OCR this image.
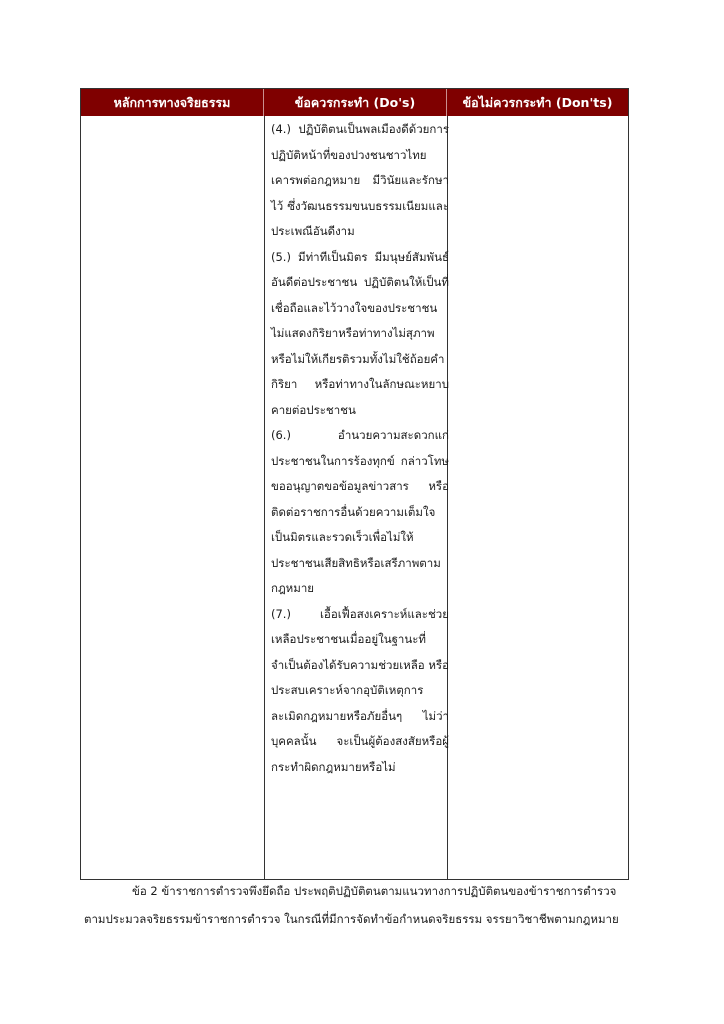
หลักการทางจริยธรรม	ข้อควรกระทำ (Do's)	ข้อไม่ควรกระทำ (Don'ts)
(4.) ปฏิบัติตนเป็นพลเมืองดีด้วยการปฏิบัติหน้าที่ของปวงชนชาวไทยเคารพต่อกฎหมาย มีวินัยและรักษาไว้ ซึ่งวัฒนธรรมขนบธรรมเนียมและประเพณีอันดีงาม
(5.) มีท่าทีเป็นมิตร มีมนุษย์สัมพันธ์อันดีต่อประชาชน ปฏิบัติตนให้เป็นที่เชื่อถือและไว้วางใจของประชาชนไม่แสดงกิริยาหรือท่าทางไม่สุภาพหรือไม่ให้เกียรติรวมทั้งไม่ใช้ถ้อยคำกิริยา หรือท่าทางในลักษณะหยาบคายต่อประชาชน
(6.) อำนวยความสะดวกแก่ประชาชนในการร้องทุกข์ กล่าวโทษ ขออนุญาตขอข้อมูลข่าวสาร หรือติดต่อราชการอื่นด้วยความเต็มใจ เป็นมิตรและรวดเร็วเพื่อไม่ให้ประชาชนเสียสิทธิหรือเสรีภาพตามกฎหมาย
(7.) เอื้อเฟื้อสงเคราะห์และช่วยเหลือประชาชนเมื่ออยู่ในฐานะที่จำเป็นต้องได้รับความช่วยเหลือ หรือประสบเคราะห์จากอุบัติเหตุการละเมิดกฎหมายหรือภัยอื่นๆ ไม่ว่าบุคคลนั้น จะเป็นผู้ต้องสงสัยหรือผู้กระทำผิดกฎหมายหรือไม่
ข้อ 2 ข้าราชการตำรวจพึงยึดถือ ประพฤติปฏิบัติตนตามแนวทางการปฏิบัติตนของข้าราชการตำรวจ
ตามประมวลจริยธรรมข้าราชการตำรวจ ในกรณีที่มีการจัดทำข้อกำหนดจริยธรรม จรรยาวิชาชีพตามกฎหมาย
